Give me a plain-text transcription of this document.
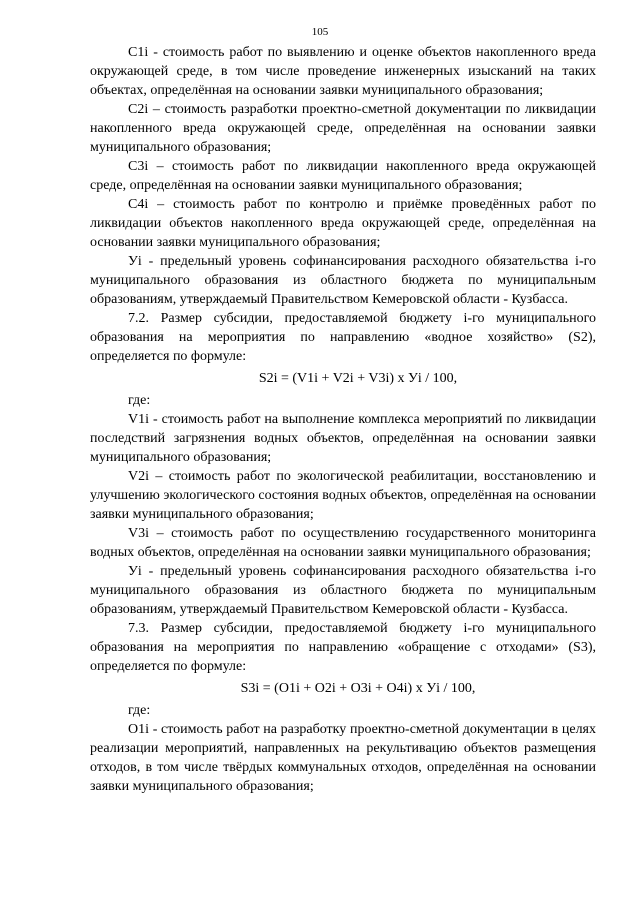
105

C1i - стоимость работ по выявлению и оценке объектов накопленного вреда окружающей среде, в том числе проведение инженерных изысканий на таких объектах, определённая на основании заявки муниципального образования;

C2i – стоимость разработки проектно-сметной документации по ликвидации накопленного вреда окружающей среде, определённая на основании заявки муниципального образования;

C3i – стоимость работ по ликвидации накопленного вреда окружающей среде, определённая на основании заявки муниципального образования;

C4i – стоимость работ по контролю и приёмке проведённых работ по ликвидации объектов накопленного вреда окружающей среде, определённая на основании заявки муниципального образования;

Уi - предельный уровень софинансирования расходного обязательства i-го муниципального образования из областного бюджета по муниципальным образованиям, утверждаемый Правительством Кемеровской области - Кузбасса.

7.2. Размер субсидии, предоставляемой бюджету i-го муниципального образования на мероприятия по направлению «водное хозяйство» (S2), определяется по формуле:

S2i = (V1i + V2i + V3i) х Уi / 100,

где:

V1i - стоимость работ на выполнение комплекса мероприятий по ликвидации последствий загрязнения водных объектов, определённая на основании заявки муниципального образования;

V2i – стоимость работ по экологической реабилитации, восстановлению и улучшению экологического состояния водных объектов, определённая на основании заявки муниципального образования;

V3i – стоимость работ по осуществлению государственного мониторинга водных объектов, определённая на основании заявки муниципального образования;

Уi - предельный уровень софинансирования расходного обязательства i-го муниципального образования из областного бюджета по муниципальным образованиям, утверждаемый Правительством Кемеровской области - Кузбасса.

7.3. Размер субсидии, предоставляемой бюджету i-го муниципального образования на мероприятия по направлению «обращение с отходами» (S3), определяется по формуле:

S3i = (O1i + O2i + O3i + O4i) х Уi / 100,

где:

O1i - стоимость работ на разработку проектно-сметной документации в целях реализации мероприятий, направленных на рекультивацию объектов размещения отходов, в том числе твёрдых коммунальных отходов, определённая на основании заявки муниципального образования;
